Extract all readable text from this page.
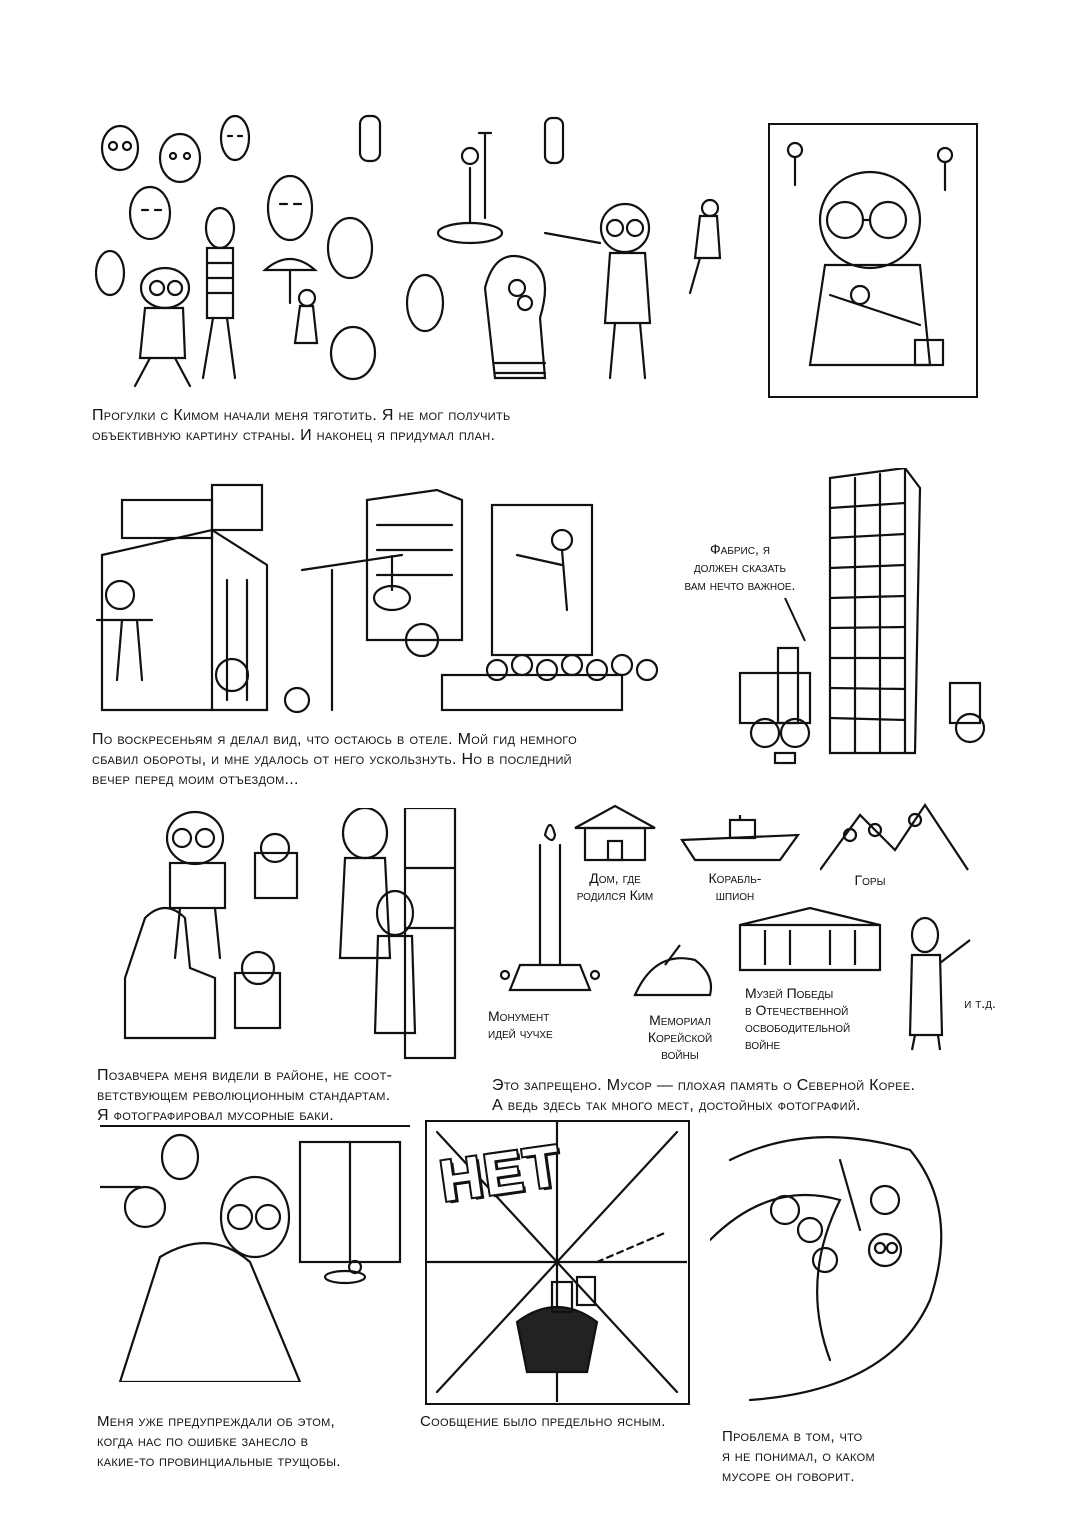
Прогулки с Кимом начали меня тяготить. Я не мог получить
объективную картину страны. И наконец я придумал план.
Фабрис, я
должен сказать
вам нечто важное.
По воскресеньям я делал вид, что остаюсь в отеле. Мой гид немного
сбавил обороты, и мне удалось от него ускользнуть. Но в последний
вечер перед моим отъездом...
Позавчера меня видели в районе, не соот-
ветствующем революционным стандартам.
Я фотографировал мусорные баки.
Монумент
идей чучхе
Дом, где
родился Ким
Корабль-
шпион
Горы
Мемориал
Корейской
войны
Музей Победы
в Отечественной
освободительной
войне
и т.д.
Это запрещено. Мусор — плохая память о Северной Корее.
А ведь здесь так много мест, достойных фотографий.
Меня уже предупреждали об этом,
когда нас по ошибке занесло в
какие-то провинциальные трущобы.
НЕТ
Сообщение было предельно ясным.
Проблема в том, что
я не понимал, о каком
мусоре он говорит.
